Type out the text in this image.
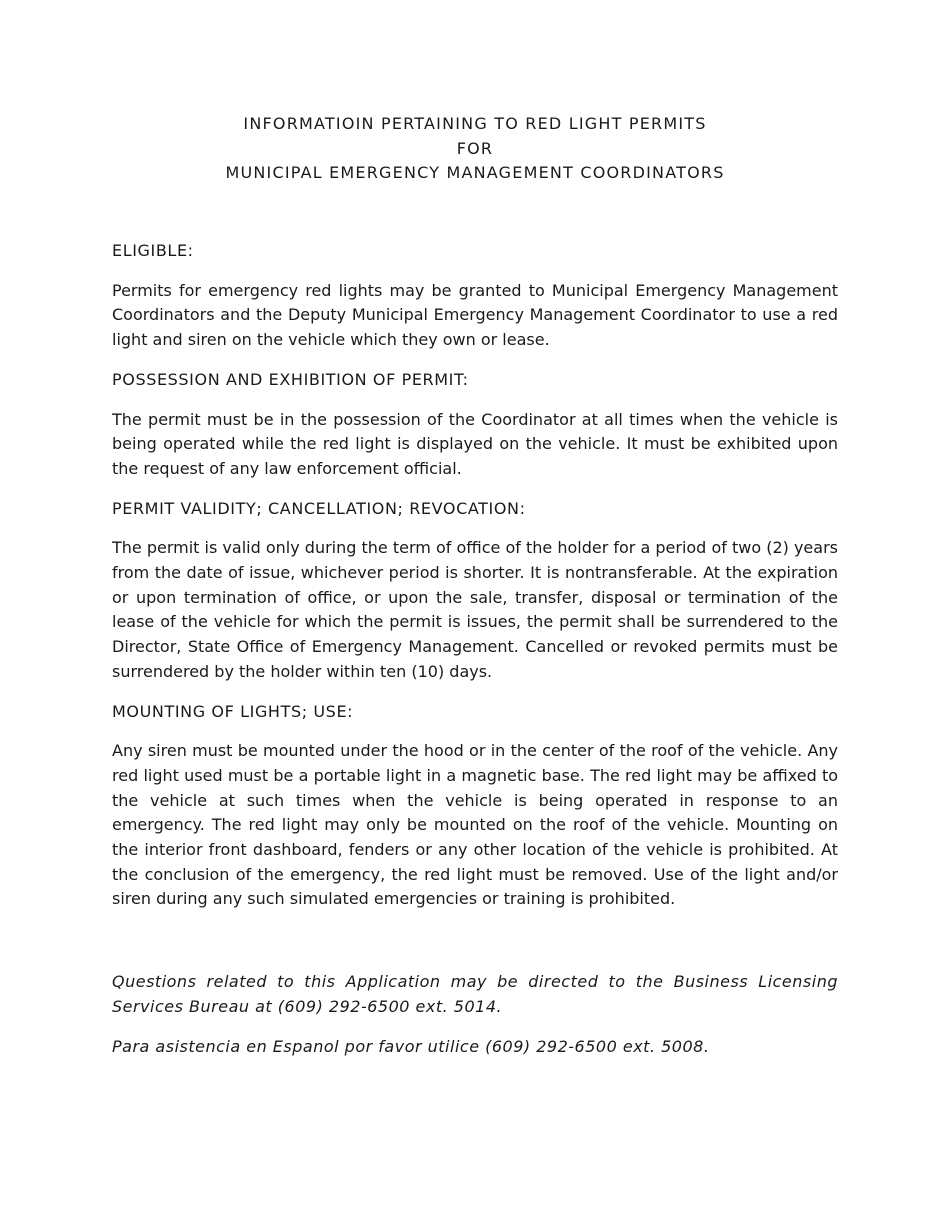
INFORMATIOIN PERTAINING TO RED LIGHT PERMITS
FOR
MUNICIPAL EMERGENCY MANAGEMENT COORDINATORS

ELIGIBLE:

Permits for emergency red lights may be granted to Municipal Emergency Management Coordinators and the Deputy Municipal Emergency Management Coordinator to use a red light and siren on the vehicle which they own or lease.

POSSESSION AND EXHIBITION OF PERMIT:

The permit must be in the possession of the Coordinator at all times when the vehicle is being operated while the red light is displayed on the vehicle. It must be exhibited upon the request of any law enforcement official.

PERMIT VALIDITY; CANCELLATION; REVOCATION:

The permit is valid only during the term of office of the holder for a period of two (2) years from the date of issue, whichever period is shorter. It is nontransferable. At the expiration or upon termination of office, or upon the sale, transfer, disposal or termination of the lease of the vehicle for which the permit is issues, the permit shall be surrendered to the Director, State Office of Emergency Management. Cancelled or revoked permits must be surrendered by the holder within ten (10) days.

MOUNTING OF LIGHTS; USE:

Any siren must be mounted under the hood or in the center of the roof of the vehicle. Any red light used must be a portable light in a magnetic base. The red light may be affixed to the vehicle at such times when the vehicle is being operated in response to an emergency. The red light may only be mounted on the roof of the vehicle. Mounting on the interior front dashboard, fenders or any other location of the vehicle is prohibited. At the conclusion of the emergency, the red light must be removed. Use of the light and/or siren during any such simulated emergencies or training is prohibited.

Questions related to this Application may be directed to the Business Licensing Services Bureau at (609) 292-6500 ext. 5014.

Para asistencia en Espanol por favor utilice (609) 292-6500 ext. 5008.
